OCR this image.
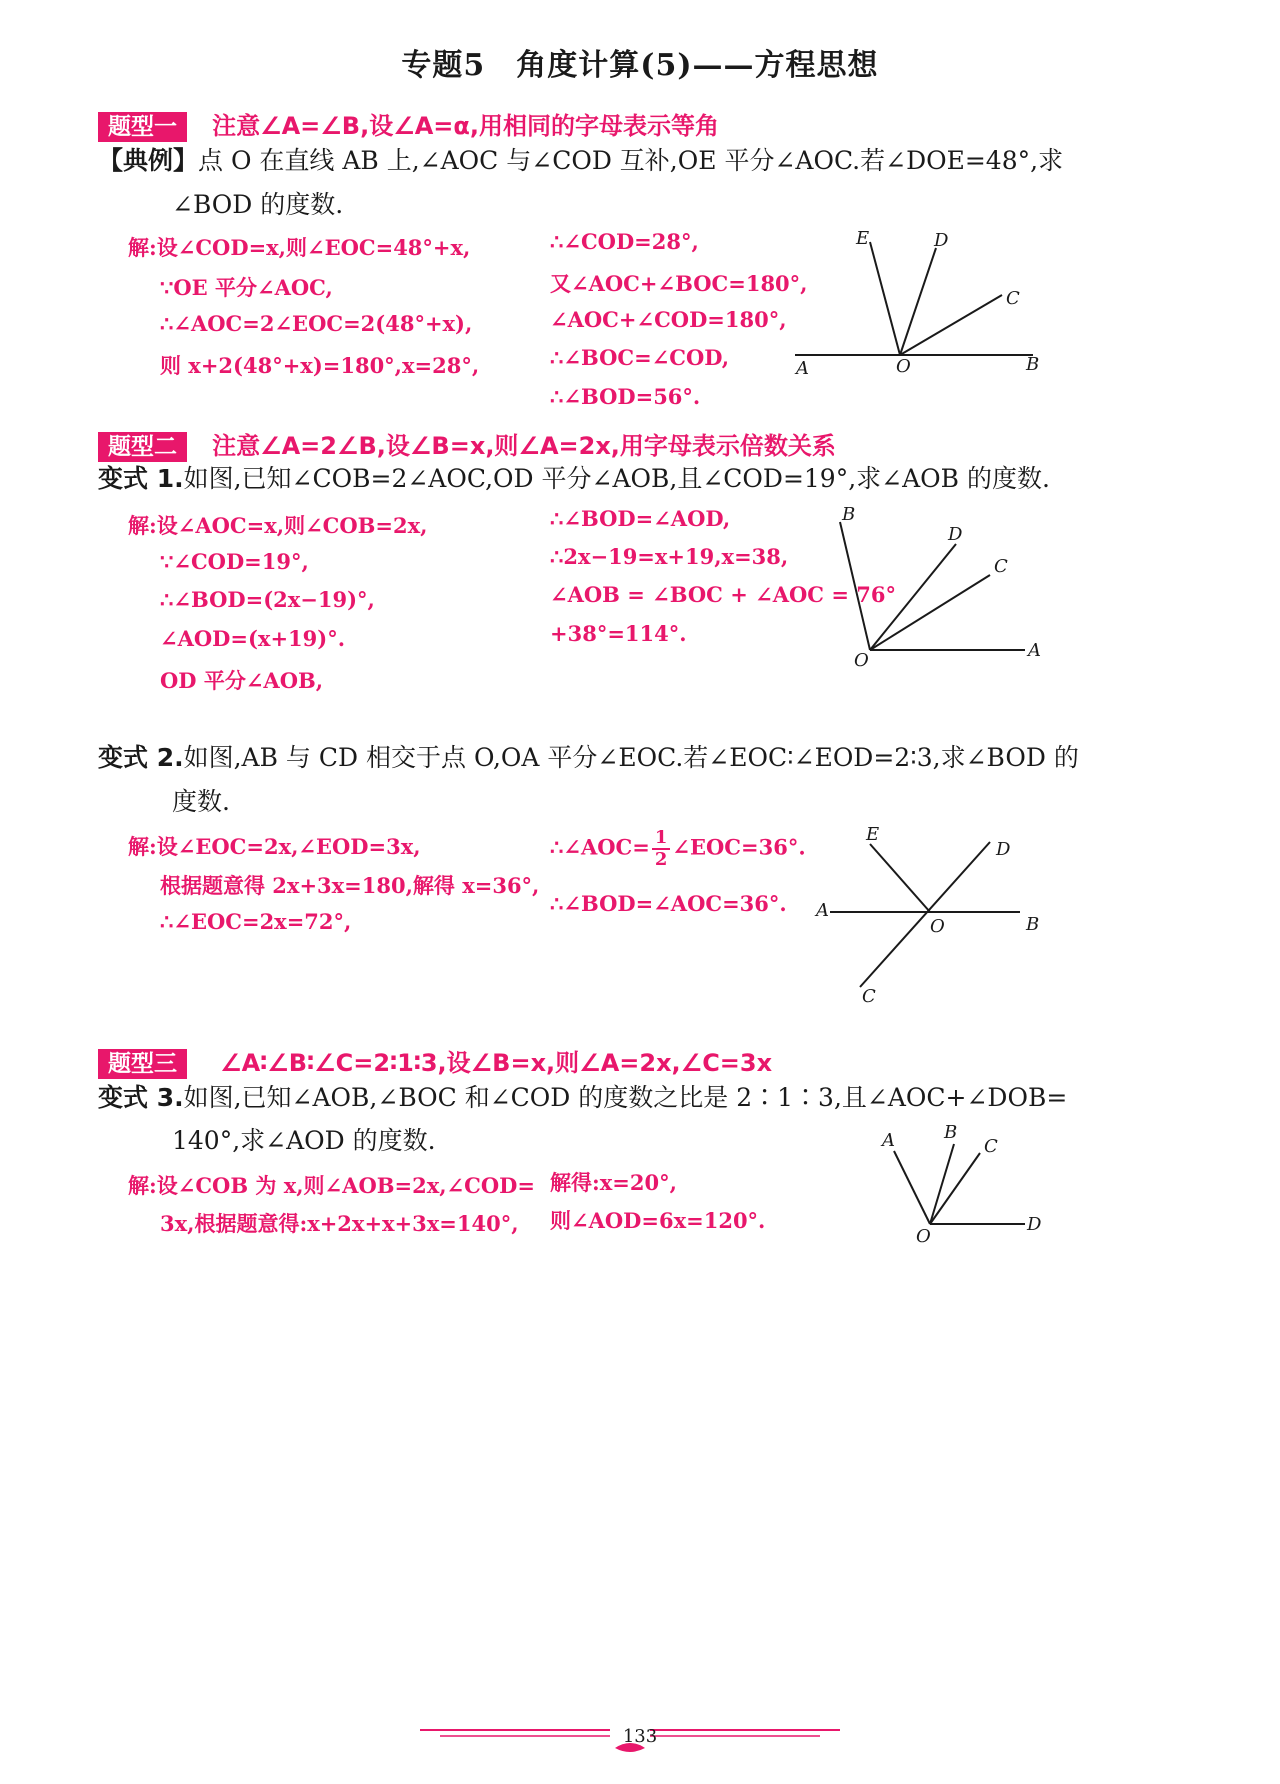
专题5　角度计算(5)——方程思想
题型一 注意∠A=∠B,设∠A=α,用相同的字母表示等角
【典例】点 O 在直线 AB 上,∠AOC 与∠COD 互补,OE 平分∠AOC.若∠DOE=48°,求
∠BOD 的度数.
解:设∠COD=x,则∠EOC=48°+x,
∵OE 平分∠AOC,
∴∠AOC=2∠EOC=2(48°+x),
则 x+2(48°+x)=180°,x=28°,
∴∠COD=28°,
又∠AOC+∠BOC=180°,
∠AOC+∠COD=180°,
∴∠BOC=∠COD,
∴∠BOD=56°.
E	D
C
A	O	B
题型二 注意∠A=2∠B,设∠B=x,则∠A=2x,用字母表示倍数关系
变式 1.如图,已知∠COB=2∠AOC,OD 平分∠AOB,且∠COD=19°,求∠AOB 的度数.
解:设∠AOC=x,则∠COB=2x,
∵∠COD=19°,
∴∠BOD=(2x−19)°,
∠AOD=(x+19)°.
OD 平分∠AOB,
∴∠BOD=∠AOD,
∴2x−19=x+19,x=38,
∠AOB = ∠BOC + ∠AOC = 76°
+38°=114°.
B
D
C
O	A
变式 2.如图,AB 与 CD 相交于点 O,OA 平分∠EOC.若∠EOC∶∠EOD=2∶3,求∠BOD 的
度数.
解:设∠EOC=2x,∠EOD=3x,
根据题意得 2x+3x=180,解得 x=36°,
∴∠EOC=2x=72°,
∴∠AOC= $\frac{1}{2}$ ∠EOC=36°.
∴∠BOD=∠AOC=36°.
E
D
A
O	B
C
题型三 ∠A∶∠B∶∠C=2∶1∶3,设∠B=x,则∠A=2x,∠C=3x
变式 3.如图,已知∠AOB,∠BOC 和∠COD 的度数之比是 2∶1∶3,且∠AOC+∠DOB=
140°,求∠AOD 的度数.
解:设∠COB 为 x,则∠AOB=2x,∠COD=
3x,根据题意得:x+2x+x+3x=140°,
解得:x=20°,
则∠AOD=6x=120°.
A	B
C
O
D
133
